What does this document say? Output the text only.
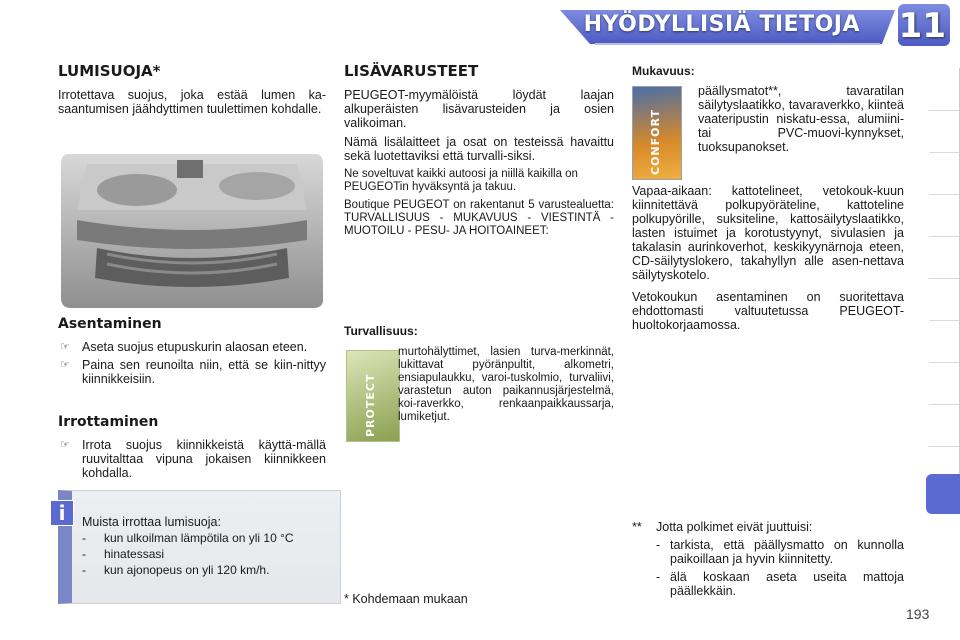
HYÖDYLLISIÄ TIETOJA 11
LUMISUOJA*

Irrotettava suojus, joka estää lumen ka-saantumisen jäähdyttimen tuulettimen kohdalle.

Asentaminen
☞ Aseta suojus etupuskurin alaosan eteen.
☞ Paina sen reunoilta niin, että se kiin-nittyy kiinnikkeisiin.
Irrottaminen
☞ Irrota suojus kiinnikkeistä käyttä-mällä ruuvitalttaa vipuna jokaisen kiinnikkeen kohdalla.
i	Muista irrottaa lumisuoja:
- kun ulkoilman lämpötila on yli 10 °C
- hinatessasi
- kun ajonopeus on yli 120 km/h.
LISÄVARUSTEET

PEUGEOT-myymälöistä löydät laajan alkuperäisten lisävarusteiden ja osien valikoiman.

Nämä lisälaitteet ja osat on testeissä havaittu sekä luotettaviksi että turvalli-siksi.

Ne soveltuvat kaikki autoosi ja niillä kaikilla on PEUGEOTin hyväksyntä ja takuu.

Boutique PEUGEOT on rakentanut 5 varustealuetta: TURVALLISUUS - MUKAVUUS - VIESTINTÄ - MUOTOILU - PESU- JA HOITOAINEET:

Turvallisuus:
PROTECT

murtohälyttimet, lasien turva-merkinnät, lukittavat pyöränpultit, alkometri, ensiapulaukku, varoi-tuskolmio, turvaliivi, varastetun auton paikannusjärjestelmä, koi-raverkko, renkaanpaikkaussarja, lumiketjut.

* Kohdemaan mukaan
Mukavuus:
CONFORT

päällysmatot**, tavaratilan säilytyslaatikko, tavaraverkko, kiinteä vaateripustin niskatu-essa, alumiini- tai PVC-muovi-kynnykset, tuoksupanokset.

Vapaa-aikaan: kattotelineet, vetokouk-kuun kiinnitettävä polkupyöräteline, kattoteline polkupyörille, suksiteline, kattosäilytyslaatikko, lasten istuimet ja korotustyynyt, sivulasien ja takalasin aurinkoverhot, keskikyynärnoja eteen, CD-säilytyslokero, takahyllyn alle asen-nettava säilytyskotelo.

Vetokoukun asentaminen on suoritettava ehdottomasti valtuutetussa PEUGEOT-huoltokorjaamossa.

** Jotta polkimet eivät juuttuisi:
- tarkista, että päällysmatto on kunnolla paikoillaan ja hyvin kiinnitetty.
- älä koskaan aseta useita mattoja päällekkäin.
193
